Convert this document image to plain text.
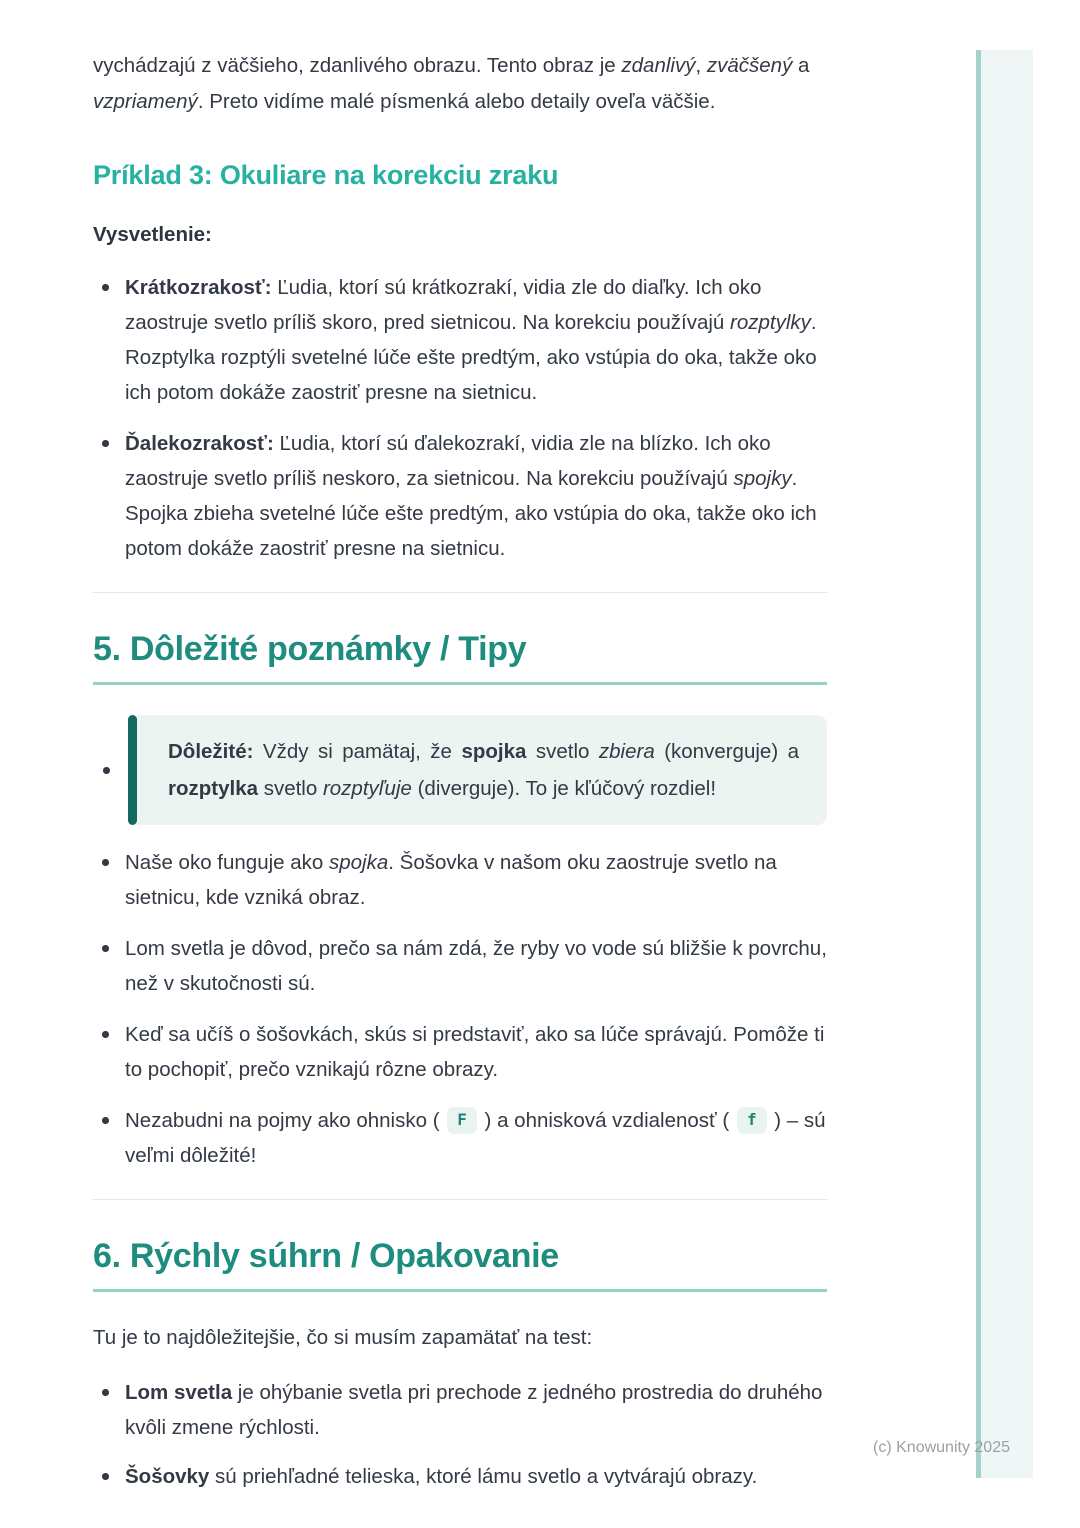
vychádzajú z väčšieho, zdanlivého obrazu. Tento obraz je zdanlivý, zväčšený a vzpriamený. Preto vidíme malé písmenká alebo detaily oveľa väčšie.

Príklad 3: Okuliare na korekciu zraku

Vysvetlenie:

Krátkozrakosť: Ľudia, ktorí sú krátkozrakí, vidia zle do diaľky. Ich oko zaostruje svetlo príliš skoro, pred sietnicou. Na korekciu používajú rozptylky. Rozptylka rozptýli svetelné lúče ešte predtým, ako vstúpia do oka, takže oko ich potom dokáže zaostriť presne na sietnicu.
Ďalekozrakosť: Ľudia, ktorí sú ďalekozrakí, vidia zle na blízko. Ich oko zaostruje svetlo príliš neskoro, za sietnicou. Na korekciu používajú spojky. Spojka zbieha svetelné lúče ešte predtým, ako vstúpia do oka, takže oko ich potom dokáže zaostriť presne na sietnicu.
5. Dôležité poznámky / Tipy
Dôležité: Vždy si pamätaj, že spojka svetlo zbiera (konverguje) a rozptylka svetlo rozptyľuje (diverguje). To je kľúčový rozdiel!
Naše oko funguje ako spojka. Šošovka v našom oku zaostruje svetlo na sietnicu, kde vzniká obraz.
Lom svetla je dôvod, prečo sa nám zdá, že ryby vo vode sú bližšie k povrchu, než v skutočnosti sú.
Keď sa učíš o šošovkách, skús si predstaviť, ako sa lúče správajú. Pomôže ti to pochopiť, prečo vznikajú rôzne obrazy.
Nezabudni na pojmy ako ohnisko ( F ) a ohnisková vzdialenosť ( f ) – sú veľmi dôležité!
6. Rýchly súhrn / Opakovanie

Tu je to najdôležitejšie, čo si musím zapamätať na test:

Lom svetla je ohýbanie svetla pri prechode z jedného prostredia do druhého kvôli zmene rýchlosti.
Šošovky sú priehľadné telieska, ktoré lámu svetlo a vytvárajú obrazy.
(c) Knowunity 2025
